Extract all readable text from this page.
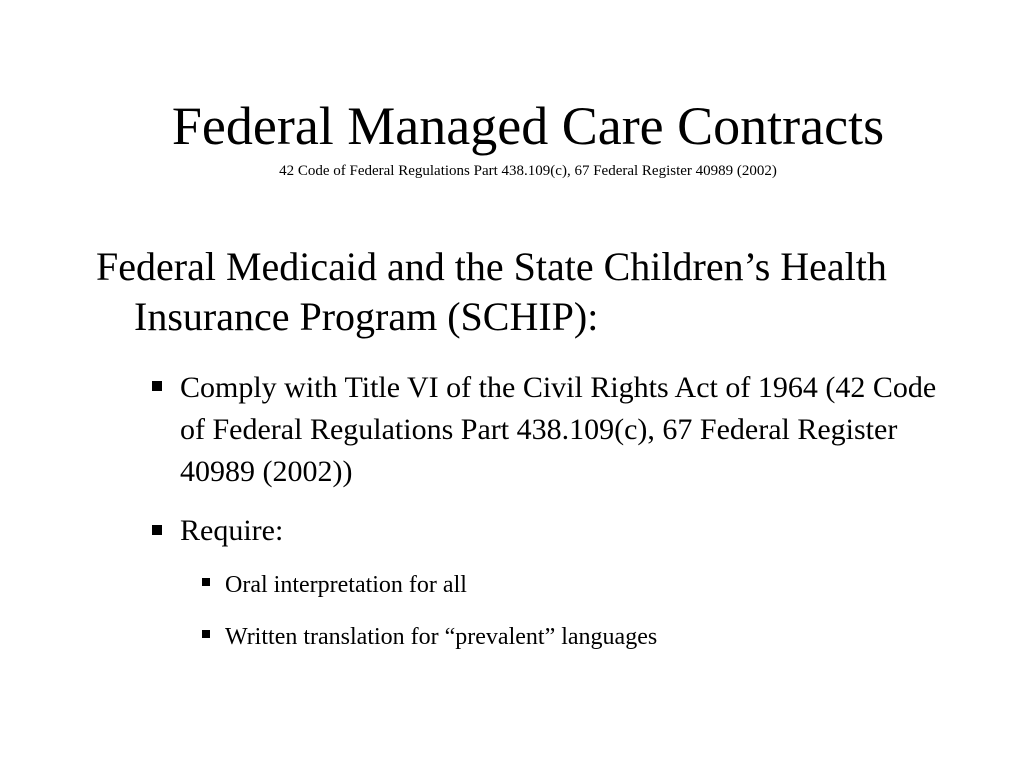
Federal Managed Care Contracts
42 Code of Federal Regulations Part 438.109(c), 67 Federal Register 40989 (2002)

Federal Medicaid and the State Children’s Health Insurance Program (SCHIP):

Comply with Title VI of the Civil Rights Act of 1964 (42 Code of Federal Regulations Part 438.109(c), 67 Federal Register 40989 (2002))

Require:

Oral interpretation for all

Written translation for “prevalent” languages
